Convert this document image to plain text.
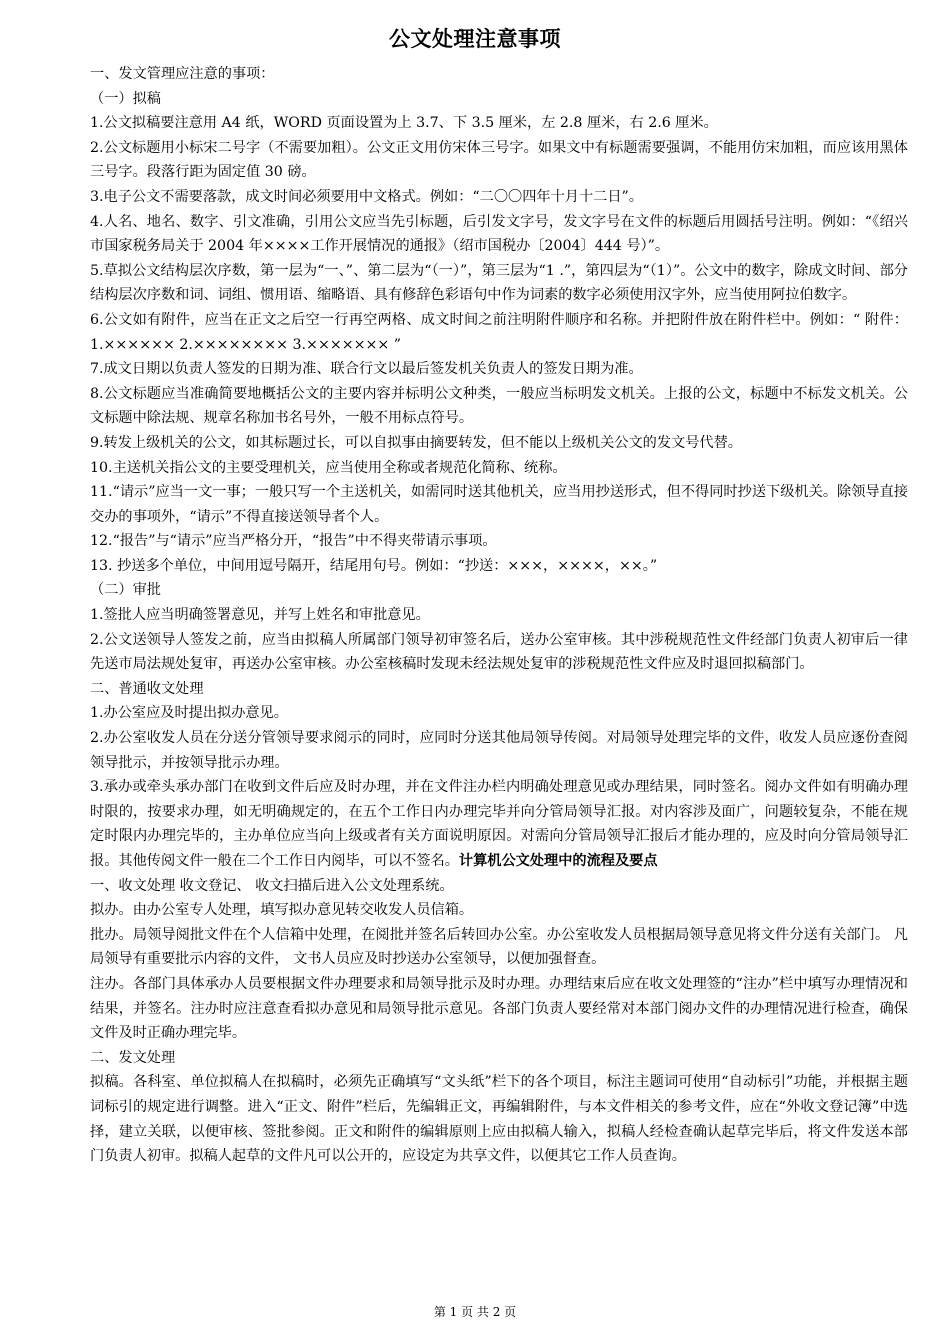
公文处理注意事项

一、发文管理应注意的事项：

（一）拟稿

1.公文拟稿要注意用 A4 纸，WORD 页面设置为上 3.7、下 3.5 厘米，左 2.8 厘米，右 2.6 厘米。

2.公文标题用小标宋二号字（不需要加粗）。公文正文用仿宋体三号字。如果文中有标题需要强调，不能用仿宋加粗，而应该用黑体三号字。段落行距为固定值 30 磅。

3.电子公文不需要落款，成文时间必须要用中文格式。例如：“二〇〇四年十月十二日”。

4.人名、地名、数字、引文准确，引用公文应当先引标题，后引发文字号，发文字号在文件的标题后用圆括号注明。例如：“《绍兴市国家税务局关于 2004 年××××工作开展情况的通报》（绍市国税办〔2004〕444 号）”。

5.草拟公文结构层次序数，第一层为“一、”、第二层为“（一）”，第三层为“1 .”，第四层为“（1）”。公文中的数字，除成文时间、部分结构层次序数和词、词组、惯用语、缩略语、具有修辞色彩语句中作为词素的数字必须使用汉字外，应当使用阿拉伯数字。

6.公文如有附件，应当在正文之后空一行再空两格、成文时间之前注明附件顺序和名称。并把附件放在附件栏中。例如：“ 附件：1.×××××× 2.×××××××× 3.××××××× ”

7.成文日期以负责人签发的日期为准、联合行文以最后签发机关负责人的签发日期为准。

8.公文标题应当准确简要地概括公文的主要内容并标明公文种类，一般应当标明发文机关。上报的公文，标题中不标发文机关。公文标题中除法规、规章名称加书名号外，一般不用标点符号。

9.转发上级机关的公文，如其标题过长，可以自拟事由摘要转发，但不能以上级机关公文的发文号代替。

10.主送机关指公文的主要受理机关，应当使用全称或者规范化简称、统称。

11.“请示”应当一文一事；一般只写一个主送机关，如需同时送其他机关，应当用抄送形式，但不得同时抄送下级机关。除领导直接交办的事项外，“请示”不得直接送领导者个人。

12.“报告”与“请示”应当严格分开，“报告”中不得夹带请示事项。

13. 抄送多个单位，中间用逗号隔开，结尾用句号。例如：“抄送：×××，××××，××。”

（二）审批

1.签批人应当明确签署意见，并写上姓名和审批意见。

2.公文送领导人签发之前，应当由拟稿人所属部门领导初审签名后，送办公室审核。其中涉税规范性文件经部门负责人初审后一律先送市局法规处复审，再送办公室审核。办公室核稿时发现未经法规处复审的涉税规范性文件应及时退回拟稿部门。

二、普通收文处理

1.办公室应及时提出拟办意见。

2.办公室收发人员在分送分管领导要求阅示的同时，应同时分送其他局领导传阅。对局领导处理完毕的文件，收发人员应逐份查阅领导批示，并按领导批示办理。

3.承办或牵头承办部门在收到文件后应及时办理，并在文件注办栏内明确处理意见或办理结果，同时签名。阅办文件如有明确办理时限的，按要求办理，如无明确规定的，在五个工作日内办理完毕并向分管局领导汇报。对内容涉及面广，问题较复杂，不能在规定时限内办理完毕的，主办单位应当向上级或者有关方面说明原因。对需向分管局领导汇报后才能办理的，应及时向分管局领导汇报。其他传阅文件一般在二个工作日内阅毕，可以不签名。计算机公文处理中的流程及要点

一、收文处理 收文登记、 收文扫描后进入公文处理系统。

拟办。由办公室专人处理，填写拟办意见转交收发人员信箱。

批办。局领导阅批文件在个人信箱中处理，在阅批并签名后转回办公室。办公室收发人员根据局领导意见将文件分送有关部门。 凡局领导有重要批示内容的文件， 文书人员应及时抄送办公室领导，以便加强督查。

注办。各部门具体承办人员要根据文件办理要求和局领导批示及时办理。办理结束后应在收文处理签的“注办”栏中填写办理情况和结果，并签名。注办时应注意查看拟办意见和局领导批示意见。各部门负责人要经常对本部门阅办文件的办理情况进行检查，确保文件及时正确办理完毕。

二、发文处理

拟稿。各科室、单位拟稿人在拟稿时，必须先正确填写“文头纸”栏下的各个项目，标注主题词可使用“自动标引”功能，并根据主题词标引的规定进行调整。进入“正文、附件”栏后，先编辑正文，再编辑附件，与本文件相关的参考文件，应在“外收文登记簿”中选择，建立关联，以便审核、签批参阅。正文和附件的编辑原则上应由拟稿人输入，拟稿人经检查确认起草完毕后，将文件发送本部门负责人初审。拟稿人起草的文件凡可以公开的，应设定为共享文件，以便其它工作人员查询。

第 1 页 共 2 页
